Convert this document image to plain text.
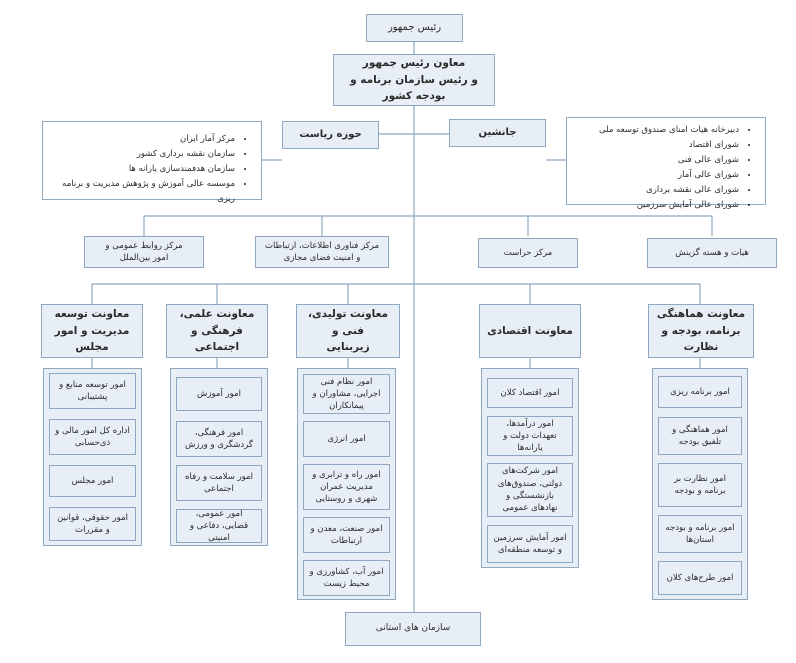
رئیس جمهور
معاون رئیس جمهور
و رئیس سازمان برنامه و بودجه کشور
حوزه ریاست	جانشین
• مرکز آمار ایران
• سازمان نقشه برداری کشور
• سازمان هدفمندسازی یارانه ها
• موسسه عالی آموزش و پژوهش مدیریت و برنامه ریزی
• دبیرخانه هیات امنای صندوق توسعه ملی
• شورای اقتصاد
• شورای عالی فنی
• شورای عالی آمار
• شورای عالی نقشه برداری
• شورای عالی آمایش سرزمین
مرکز روابط عمومی و
امور بین‌الملل
مرکز فناوری اطلاعات، ارتباطات
و امنیت فضای مجازی
مرکز حراست	هیات و هسته گزینش
معاونت توسعه
مدیریت و امور مجلس
معاونت علمی،
فرهنگی و اجتماعی
معاونت تولیدی، فنی و
زیربنایی
معاونت اقتصادی
معاونت هماهنگی
برنامه، بودجه و نظارت
امور توسعه منابع و پشتیبانی
اداره کل امور مالی و ذی‌حسابی
امور مجلس
امور حقوقی، قوانین و مقررات
امور آموزش
امور فرهنگی، گردشگری و ورزش
امور سلامت و رفاه اجتماعی
امور عمومی، قضایی، دفاعی و امنیتی
امور نظام فنی اجرایی، مشاوران و پیمانکاران
امور انرژی
امور راه و ترابری و مدیریت عمران شهری و روستایی
امور صنعت، معدن و ارتباطات
امور آب، کشاورزی و محیط زیست
امور اقتصاد کلان
امور درآمدها، تعهدات دولت و یارانه‌ها
امور شرکت‌های دولتی، صندوق‌های بازنشستگی و نهادهای عمومی
امور آمایش سرزمین و توسعه منطقه‌ای
امور برنامه ریزی
امور هماهنگی و تلفیق بودجه
امور نظارت بر برنامه و بودجه
امور برنامه و بودجه استان‌ها
امور طرح‌های کلان
سازمان های استانی
